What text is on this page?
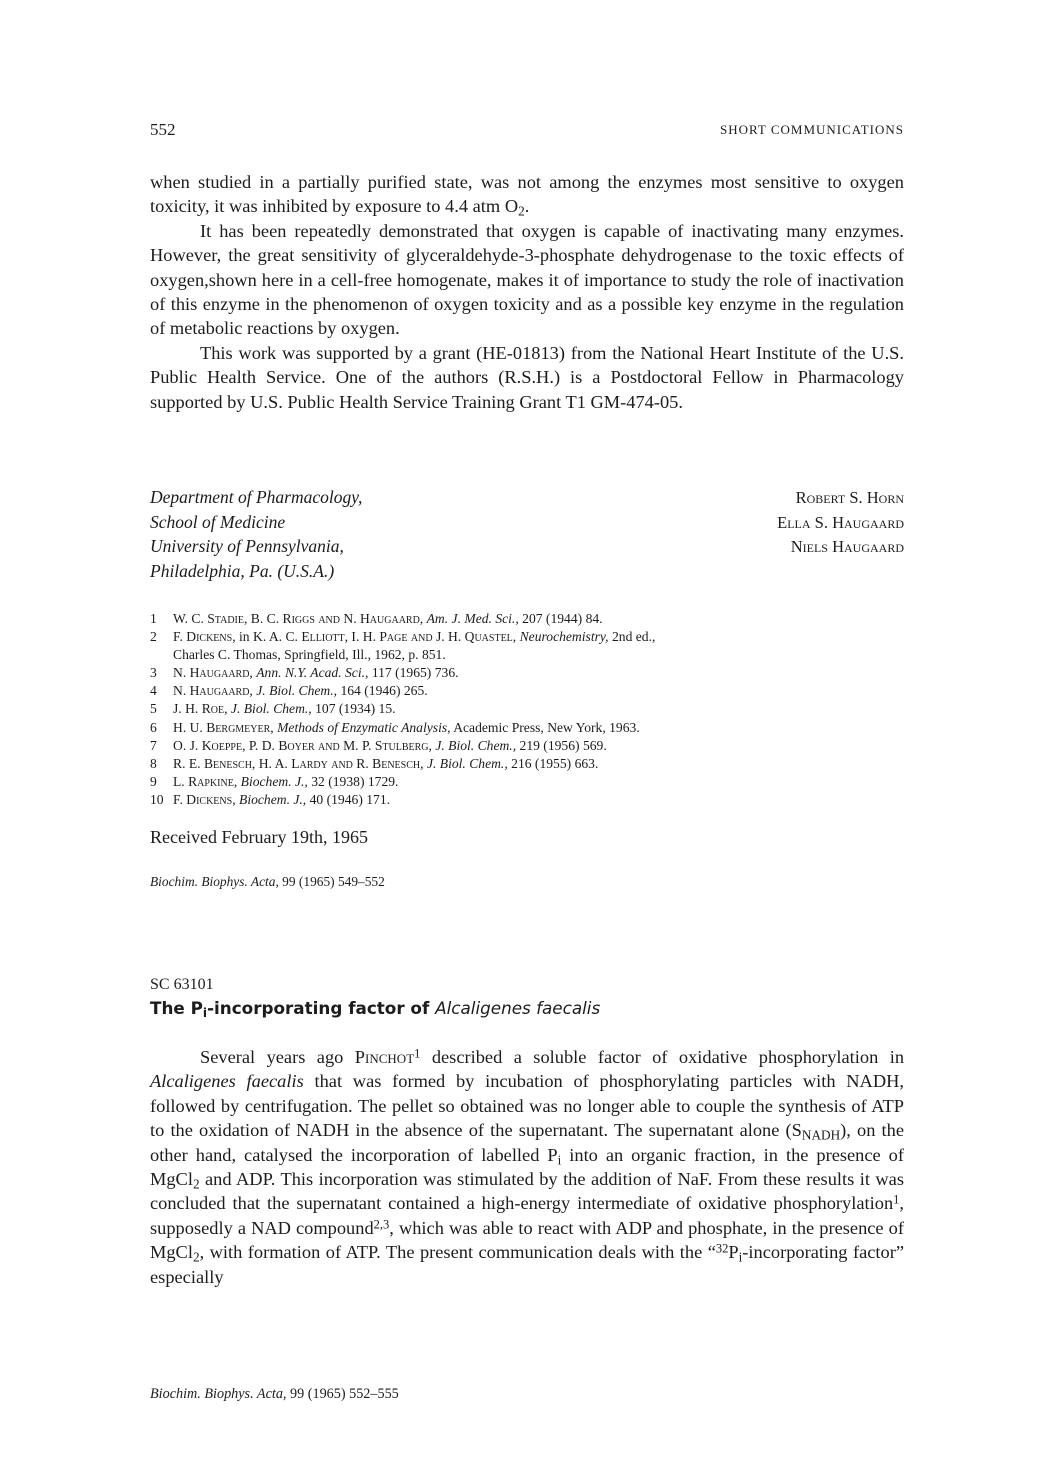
552	SHORT COMMUNICATIONS

when studied in a partially purified state, was not among the enzymes most sensitive to oxygen toxicity, it was inhibited by exposure to 4.4 atm $O_2$.

It has been repeatedly demonstrated that oxygen is capable of inactivating many enzymes. However, the great sensitivity of glyceraldehyde-3-phosphate dehydrogenase to the toxic effects of oxygen,shown here in a cell-free homogenate, makes it of importance to study the role of inactivation of this enzyme in the phenomenon of oxygen toxicity and as a possible key enzyme in the regulation of metabolic reactions by oxygen.

This work was supported by a grant (HE-01813) from the National Heart Institute of the U.S. Public Health Service. One of the authors (R.S.H.) is a Postdoctoral Fellow in Pharmacology supported by U.S. Public Health Service Training Grant T1 GM-474-05.

Department of Pharmacology,
School of Medicine
University of Pennsylvania,
Philadelphia, Pa. (U.S.A.)
Robert S. Horn
Ella S. Haugaard
Niels Haugaard
1	W. C. Stadie, B. C. Riggs and N. Haugaard, Am. J. Med. Sci., 207 (1944) 84.
2	F. Dickens, in K. A. C. Elliott, I. H. Page and J. H. Quastel, Neurochemistry, 2nd ed.,
Charles C. Thomas, Springfield, Ill., 1962, p. 851.
3	N. Haugaard, Ann. N.Y. Acad. Sci., 117 (1965) 736.
4	N. Haugaard, J. Biol. Chem., 164 (1946) 265.
5	J. H. Roe, J. Biol. Chem., 107 (1934) 15.
6	H. U. Bergmeyer, Methods of Enzymatic Analysis, Academic Press, New York, 1963.
7	O. J. Koeppe, P. D. Boyer and M. P. Stulberg, J. Biol. Chem., 219 (1956) 569.
8	R. E. Benesch, H. A. Lardy and R. Benesch, J. Biol. Chem., 216 (1955) 663.
9	L. Rapkine, Biochem. J., 32 (1938) 1729.
10 F. Dickens, Biochem. J., 40 (1946) 171.
Received February 19th, 1965
Biochim. Biophys. Acta, 99 (1965) 549–552
SC 63101
The $P_i$-incorporating factor of Alcaligenes faecalis

Several years ago Pinchot$^1$ described a soluble factor of oxidative phosphorylation in Alcaligenes faecalis that was formed by incubation of phosphorylating particles with NADH, followed by centrifugation. The pellet so obtained was no longer able to couple the synthesis of ATP to the oxidation of NADH in the absence of the supernatant. The supernatant alone $(S_{NADH})$, on the other hand, catalysed the incorporation of labelled $P_i$ into an organic fraction, in the presence of MgCl$_2$ and ADP. This incorporation was stimulated by the addition of NaF. From these results it was concluded that the supernatant contained a high-energy intermediate of oxidative phosphorylation$^1$, supposedly a NAD compound$^{2,3}$, which was able to react with ADP and phosphate, in the presence of MgCl$_2$, with formation of ATP. The present communication deals with the “$^{32}P_i$-incorporating factor” especially

Biochim. Biophys. Acta, 99 (1965) 552–555
